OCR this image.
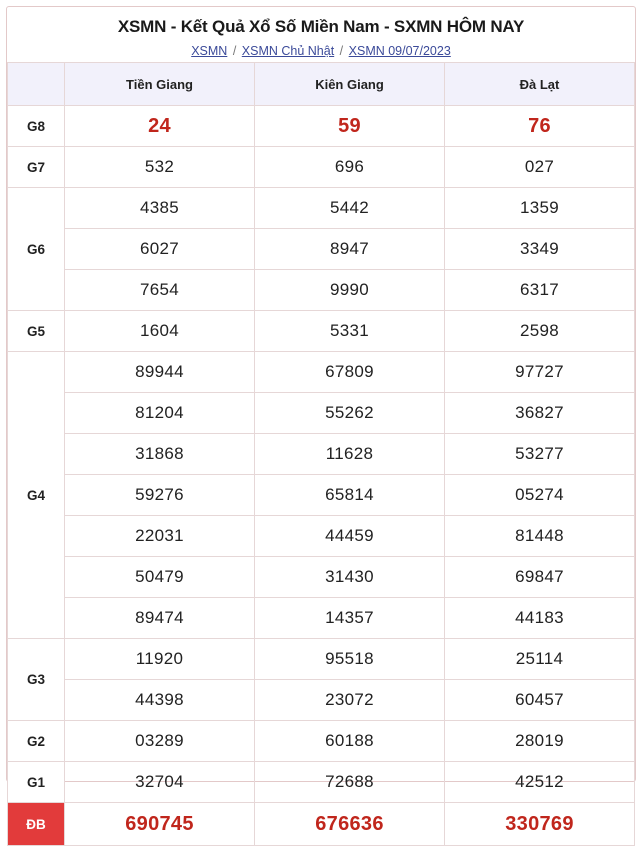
XSMN - Kết Quả Xổ Số Miền Nam - SXMN HÔM NAY
XSMN / XSMN Chủ Nhật / XSMN 09/07/2023
	Tiền Giang	Kiên Giang	Đà Lạt
G8	24	59	76
G7	532	696	027
G6	4385	5442	1359
	6027	8947	3349
	7654	9990	6317
G5	1604	5331	2598
G4	89944	67809	97727
	81204	55262	36827
	31868	11628	53277
	59276	65814	05274
	22031	44459	81448
	50479	31430	69847
	89474	14357	44183
G3	11920	95518	25114
	44398	23072	60457
G2	03289	60188	28019
G1	32704	72688	42512
ĐB	690745	676636	330769
